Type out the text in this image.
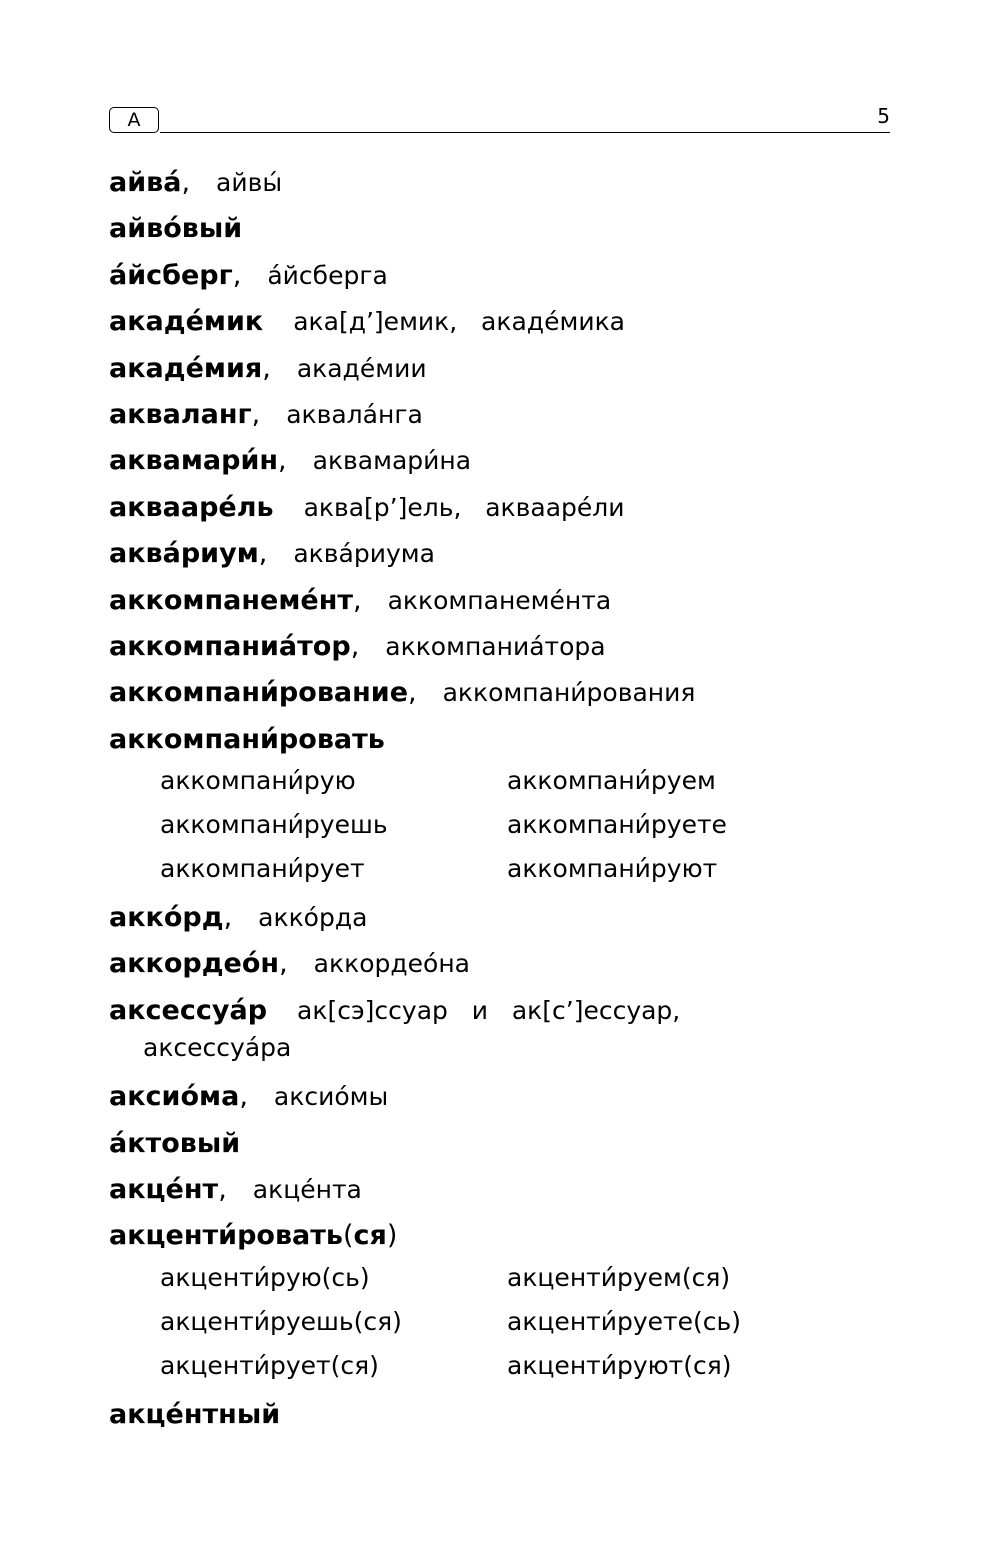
А	5
айва́, айвы́
айво́вый
а́йсберг, а́йсберга
акаде́мик ака[д’]емик,   акаде́мика
акаде́мия, акаде́мии
акваланг, аквала́нга
аквамари́н, аквамари́на
аквааре́ль аква[р’]ель,   аквааре́ли
аква́риум, аква́риума
аккомпанеме́нт, аккомпанеме́нта
аккомпаниа́тор, аккомпаниа́тора
аккомпани́рование, аккомпани́рования
аккомпани́ровать
аккомпани́рую	аккомпани́руем
аккомпани́руешь	аккомпани́руете
аккомпани́рует	аккомпани́руют
акко́рд, акко́рда
аккордео́н, аккордео́на
аксессуа́р ак[сэ]ссуар   и   ак[с’]ессуар,
аксессуа́ра
аксио́ма, аксио́мы
а́ктовый
акце́нт, акце́нта
акценти́ровать(ся)
акценти́рую(сь)	акценти́руем(ся)
акценти́руешь(ся)	акценти́руете(сь)
акценти́рует(ся)	акценти́руют(ся)
акце́нтный
